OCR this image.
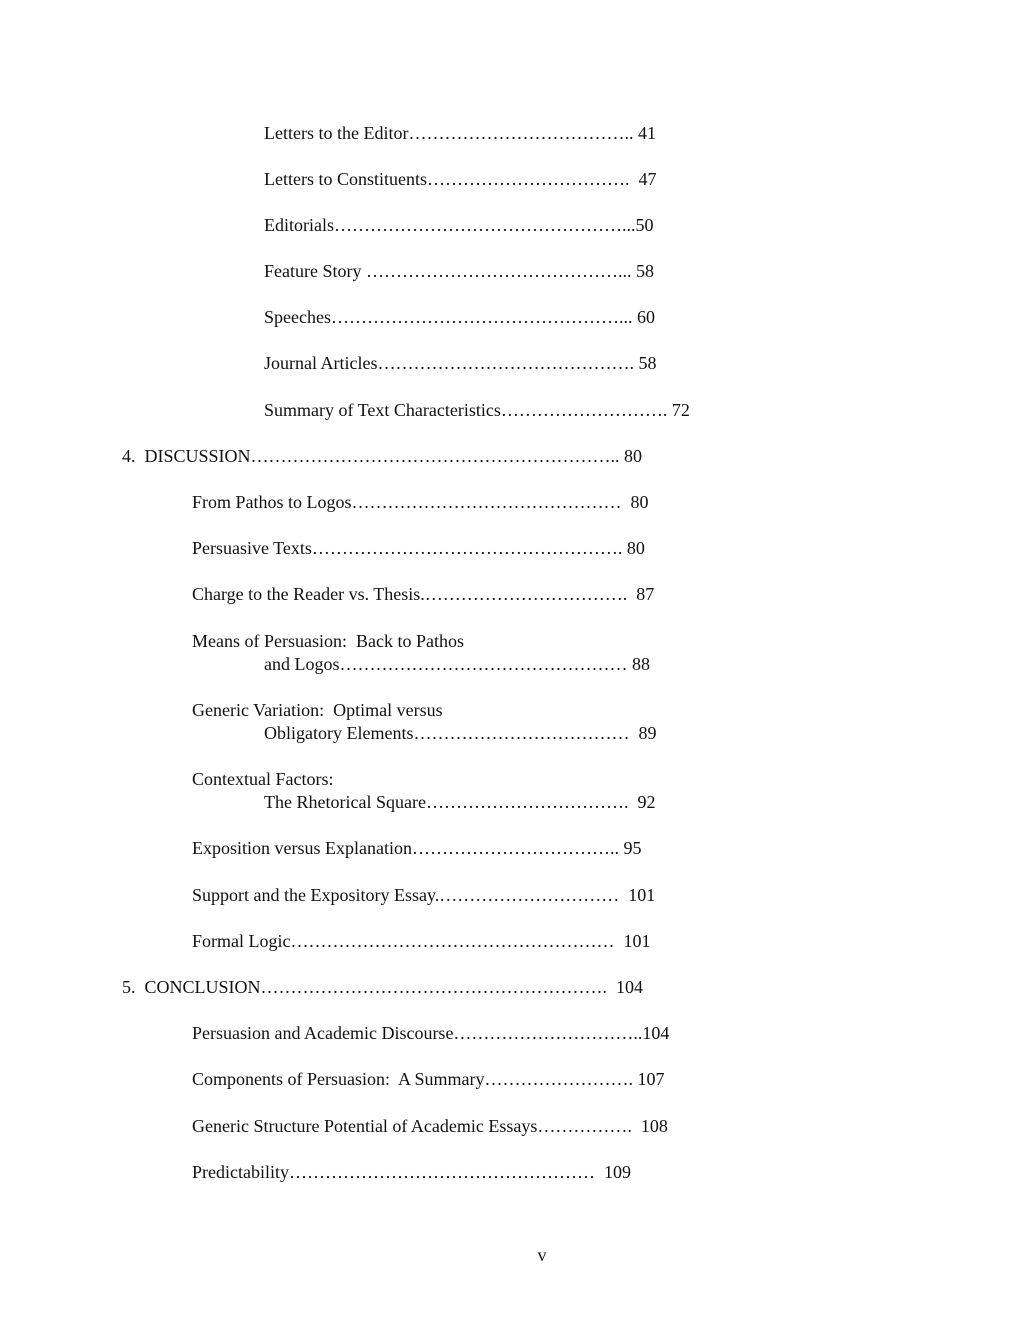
Letters to the Editor……………………………….. 41
Letters to Constituents…………………………….  47
Editorials…………………………………………...50
Feature Story ……………………………………... 58
Speeches…………………………………………... 60
Journal Articles……………………………………. 58
Summary of Text Characteristics………………………. 72
4.  DISCUSSION…………………………………………………….. 80
From Pathos to Logos………………………………………  80
Persuasive Texts……………………………………………. 80
Charge to the Reader vs. Thesis.…………………………….  87
Means of Persuasion:  Back to Pathos
and Logos………………………………………… 88
Generic Variation:  Optimal versus
Obligatory Elements………………………………  89
Contextual Factors:
The Rhetorical Square…………………………….  92
Exposition versus Explanation…………………………….. 95
Support and the Expository Essay.…………………………  101
Formal Logic………………………………………………  101
5.  CONCLUSION………………………………………………….  104
Persuasion and Academic Discourse…………………………..104
Components of Persuasion:  A Summary……………………. 107
Generic Structure Potential of Academic Essays…………….  108
Predictability……………………………………………  109
v
